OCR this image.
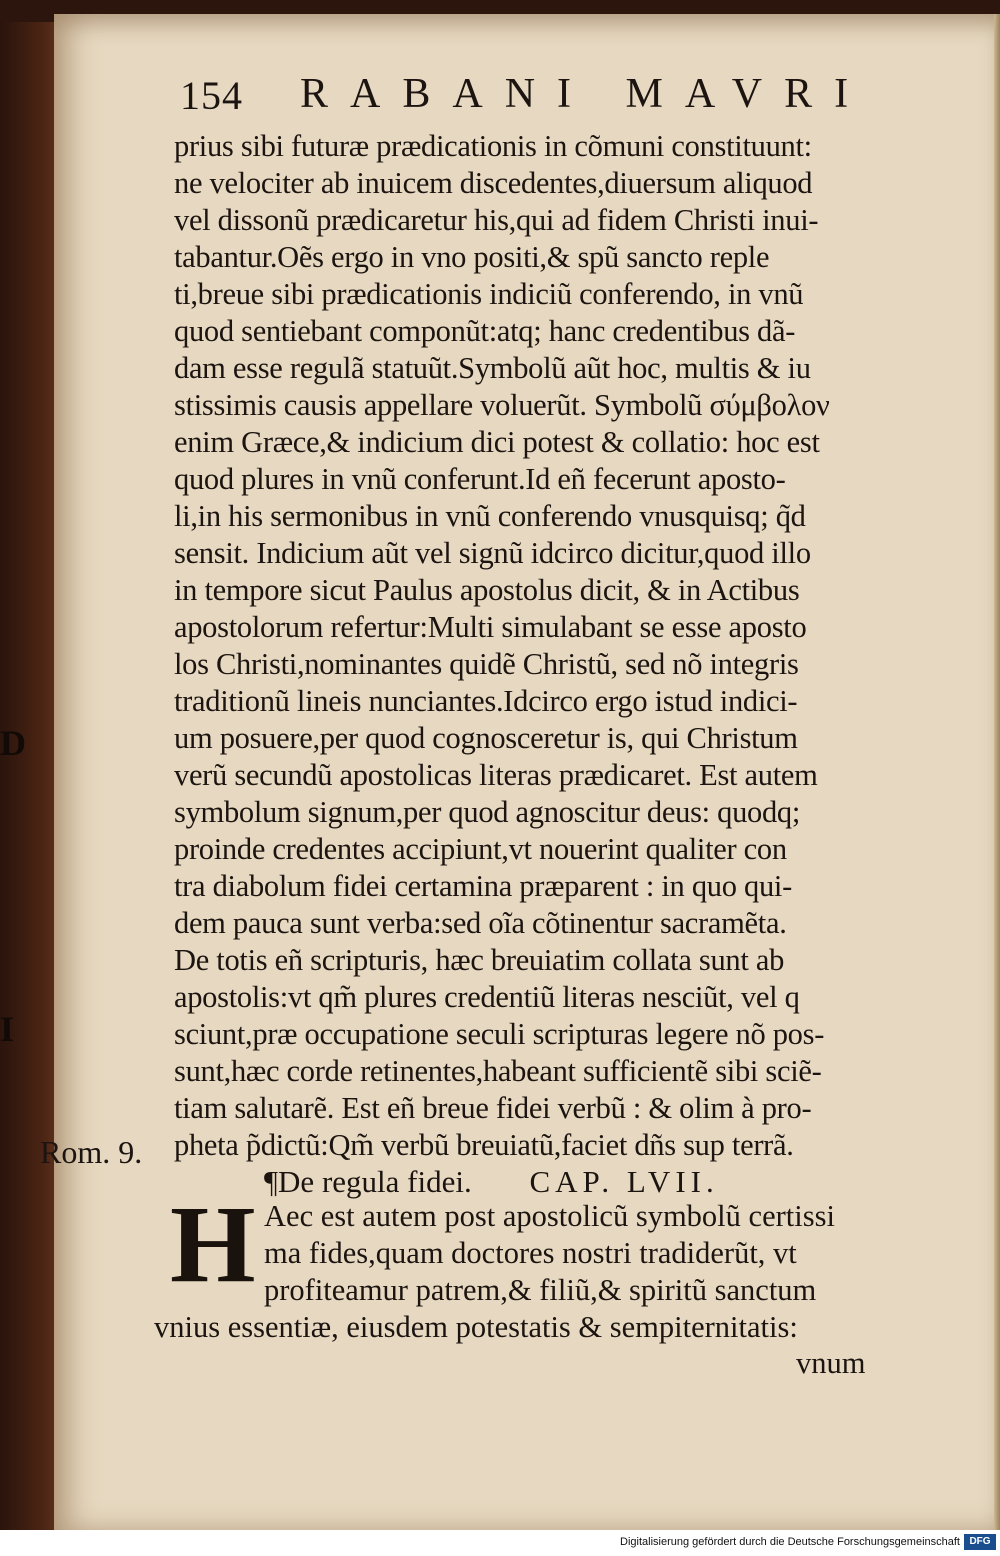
D
I
154 RABANI MAVRI
prius sibi futuræ prædicationis in cõmuni constituunt:
ne velociter ab inuicem discedentes,diuersum aliquod
vel dissonũ prædicaretur his,qui ad fidem Christi inui-
tabantur.Oẽs ergo in vno positi,& spũ sancto reple
ti,breue sibi prædicationis indiciũ conferendo, in vnũ
quod sentiebant componũt:atq; hanc credentibus dã-
dam esse regulã statuũt.Symbolũ aũt hoc, multis & iu
stissimis causis appellare voluerũt. Symbolũ σύμβολον
enim Græce,& indicium dici potest & collatio: hoc est
quod plures in vnũ conferunt.Id eñ fecerunt aposto-
li,in his sermonibus in vnũ conferendo vnusquisq; q̃d
sensit. Indicium aũt vel signũ idcirco dicitur,quod illo
in tempore sicut Paulus apostolus dicit, & in Actibus
apostolorum refertur:Multi simulabant se esse aposto
los Christi,nominantes quidẽ Christũ, sed nõ integris
traditionũ lineis nunciantes.Idcirco ergo istud indici-
um posuere,per quod cognosceretur is, qui Christum
verũ secundũ apostolicas literas prædicaret. Est autem
symbolum signum,per quod agnoscitur deus: quodq;
proinde credentes accipiunt,vt nouerint qualiter con
tra diabolum fidei certamina præparent : in quo qui-
dem pauca sunt verba:sed oĩa cõtinentur sacramẽta.
De totis eñ scripturis, hæc breuiatim collata sunt ab
apostolis:vt qm̃ plures credentiũ literas nesciũt, vel q
sciunt,præ occupatione seculi scripturas legere nõ pos-
sunt,hæc corde retinentes,habeant sufficientẽ sibi sciẽ-
tiam salutarẽ. Est eñ breue fidei verbũ : & olim à pro-
pheta p̃dictũ:Qm̃ verbũ breuiatũ,faciet dñs sup terrã.
Rom. 9.
¶De regula fidei. CAP. LVII.
H Aec est autem post apostolicũ symbolũ certissi
ma fides,quam doctores nostri tradiderũt, vt
profiteamur patrem,& filiũ,& spiritũ sanctum
vnius essentiæ, eiusdem potestatis & sempiternitatis:
vnum
Digitalisierung gefördert durch die Deutsche Forschungsgemeinschaft DFG
